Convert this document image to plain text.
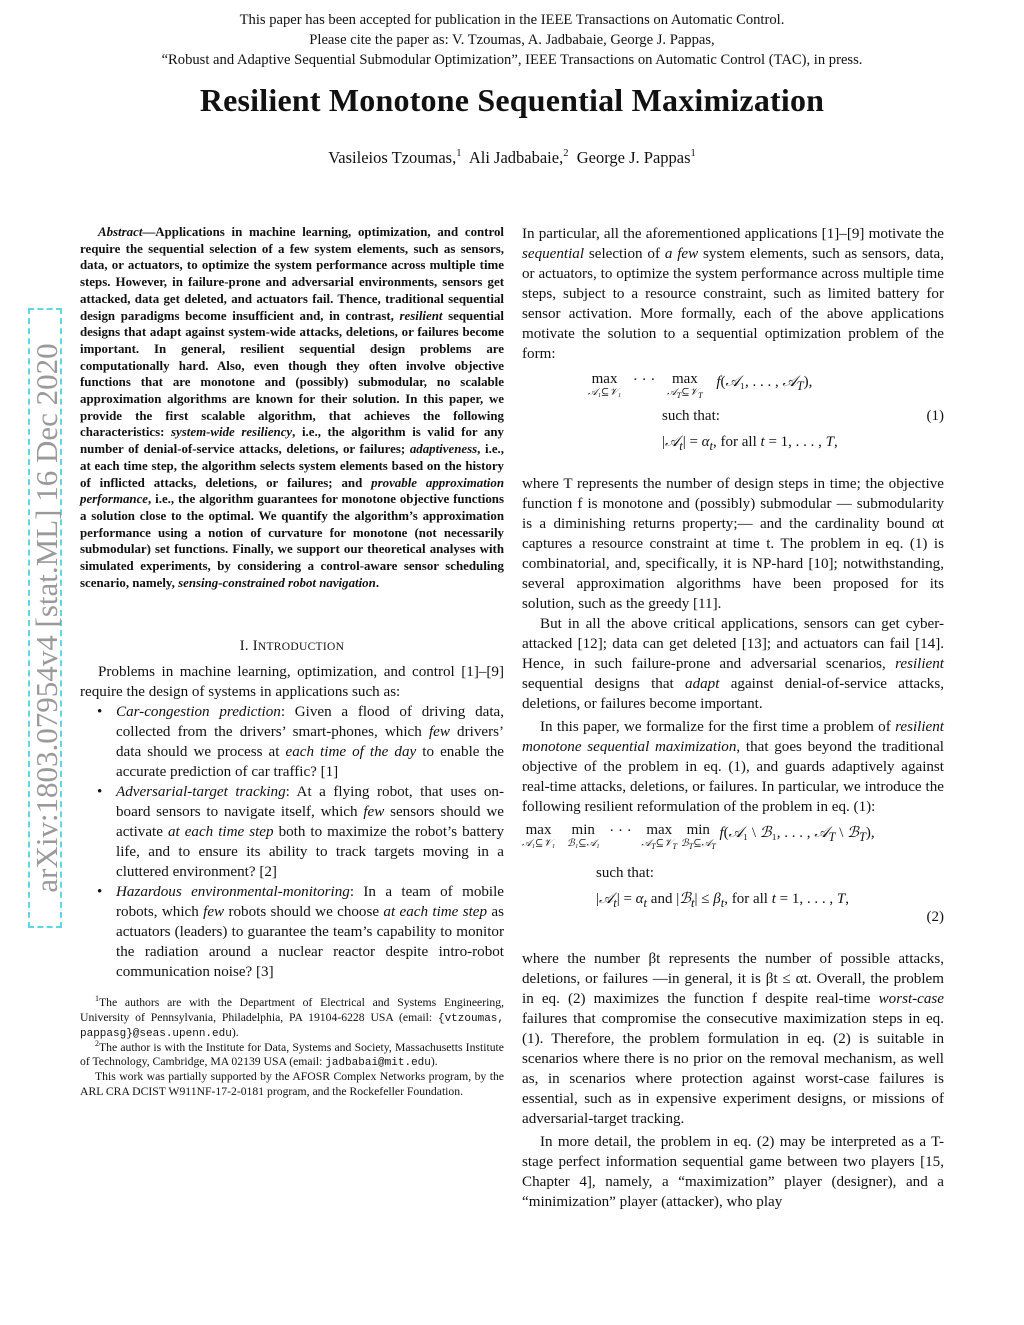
This paper has been accepted for publication in the IEEE Transactions on Automatic Control.
Please cite the paper as: V. Tzoumas, A. Jadbabaie, George J. Pappas,
“Robust and Adaptive Sequential Submodular Optimization”, IEEE Transactions on Automatic Control (TAC), in press.
Resilient Monotone Sequential Maximization
Vasileios Tzoumas,$^1$ Ali Jadbabaie,$^2$ George J. Pappas$^1$
arXiv:1803.07954v4 [stat.ML] 16 Dec 2020

Abstract—Applications in machine learning, optimization, and control require the sequential selection of a few system elements, such as sensors, data, or actuators, to optimize the system performance across multiple time steps. However, in failure-prone and adversarial environments, sensors get attacked, data get deleted, and actuators fail. Thence, traditional sequential design paradigms become insufficient and, in contrast, resilient sequential designs that adapt against system-wide attacks, deletions, or failures become important. In general, resilient sequential design problems are computationally hard. Also, even though they often involve objective functions that are monotone and (possibly) submodular, no scalable approximation algorithms are known for their solution. In this paper, we provide the first scalable algorithm, that achieves the following characteristics: system-wide resiliency, i.e., the algorithm is valid for any number of denial-of-service attacks, deletions, or failures; adaptiveness, i.e., at each time step, the algorithm selects system elements based on the history of inflicted attacks, deletions, or failures; and provable approximation performance, i.e., the algorithm guarantees for monotone objective functions a solution close to the optimal. We quantify the algorithm’s approximation performance using a notion of curvature for monotone (not necessarily submodular) set functions. Finally, we support our theoretical analyses with simulated experiments, by considering a control-aware sensor scheduling scenario, namely, sensing-constrained robot navigation.

I. INTRODUCTION

Problems in machine learning, optimization, and control [1]–[9] require the design of systems in applications such as:

• Car-congestion prediction: Given a flood of driving data, collected from the drivers’ smart-phones, which few drivers’ data should we process at each time of the day to enable the accurate prediction of car traffic? [1]
• Adversarial-target tracking: At a flying robot, that uses on-board sensors to navigate itself, which few sensors should we activate at each time step both to maximize the robot’s battery life, and to ensure its ability to track targets moving in a cluttered environment? [2]
• Hazardous environmental-monitoring: In a team of mobile robots, which few robots should we choose at each time step as actuators (leaders) to guarantee the team’s capability to monitor the radiation around a nuclear reactor despite intro-robot communication noise? [3]

$^1$The authors are with the Department of Electrical and Systems Engineering, University of Pennsylvania, Philadelphia, PA 19104-6228 USA (email: {vtzoumas, pappasg}@seas.upenn.edu).

$^2$The author is with the Institute for Data, Systems and Society, Massachusetts Institute of Technology, Cambridge, MA 02139 USA (email: jadbabai@mit.edu).

This work was partially supported by the AFOSR Complex Networks program, by the ARL CRA DCIST W911NF-17-2-0181 program, and the Rockefeller Foundation.

In particular, all the aforementioned applications [1]–[9] motivate the sequential selection of a few system elements, such as sensors, data, or actuators, to optimize the system performance across multiple time steps, subject to a resource constraint, such as limited battery for sensor activation. More formally, each of the above applications motivate the solution to a sequential optimization problem of the form:

max
𝒜₁⊆𝒱₁
· · · max
𝒜$_T$⊆𝒱$_T$
f(𝒜₁, . . . , 𝒜$_T$),
such that:
|𝒜$_t$| = $\alpha_t$, for all t = 1, . . . , T,
(1)

where T represents the number of design steps in time; the objective function f is monotone and (possibly) submodular — submodularity is a diminishing returns property;— and the cardinality bound αt captures a resource constraint at time t. The problem in eq. (1) is combinatorial, and, specifically, it is NP-hard [10]; notwithstanding, several approximation algorithms have been proposed for its solution, such as the greedy [11].

But in all the above critical applications, sensors can get cyber-attacked [12]; data can get deleted [13]; and actuators can fail [14]. Hence, in such failure-prone and adversarial scenarios, resilient sequential designs that adapt against denial-of-service attacks, deletions, or failures become important.

In this paper, we formalize for the first time a problem of resilient monotone sequential maximization, that goes beyond the traditional objective of the problem in eq. (1), and guards adaptively against real-time attacks, deletions, or failures. In particular, we introduce the following resilient reformulation of the problem in eq. (1):

max
𝒜₁⊆𝒱₁
min
ℬ₁⊆𝒜₁
· · · max
𝒜$_T$⊆𝒱$_T$
min
ℬ$_T$⊆𝒜$_T$
f(𝒜₁ \ ℬ₁, . . . , 𝒜$_T$ \ ℬ$_T$),
such that:
|𝒜$_t$| = $\alpha_t$ and |ℬ$_t$| ≤ $\beta_t$, for all t = 1, . . . , T,
(2)

where the number βt represents the number of possible attacks, deletions, or failures —in general, it is βt ≤ αt. Overall, the problem in eq. (2) maximizes the function f despite real-time worst-case failures that compromise the consecutive maximization steps in eq. (1). Therefore, the problem formulation in eq. (2) is suitable in scenarios where there is no prior on the removal mechanism, as well as, in scenarios where protection against worst-case failures is essential, such as in expensive experiment designs, or missions of adversarial-target tracking.

In more detail, the problem in eq. (2) may be interpreted as a T-stage perfect information sequential game between two players [15, Chapter 4], namely, a “maximization” player (designer), and a “minimization” player (attacker), who play
